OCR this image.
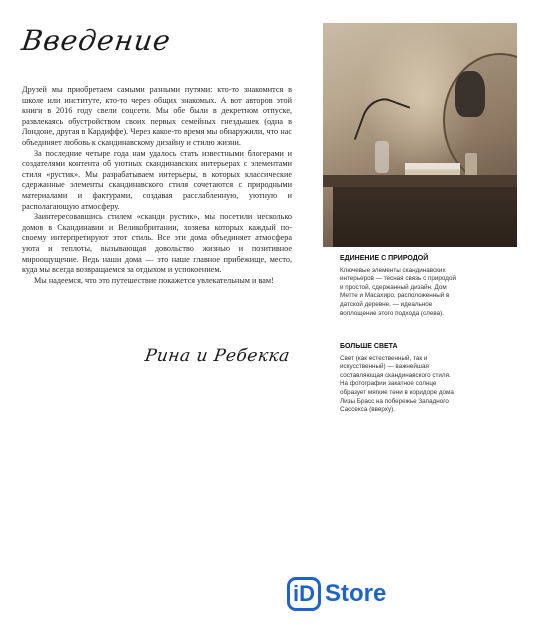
Введение

Друзей мы приобретаем самыми разными путями: кто-то знакомится в школе или институте, кто-то через общих знакомых. А вот авторов этой книги в 2016 году свели соцсети. Мы обе были в декретном отпуске, развлекаясь обустройством своих первых семейных гнездышек (одна в Лондоне, другая в Кардиффе). Через какое-то время мы обнаружили, что нас объединяет любовь к скандинавскому дизайну и стилю жизни.

За последние четыре года нам удалось стать известными блогерами и создателями контента об уютных скандинавских интерьерах с элементами стиля «рустик». Мы разрабатываем интерьеры, в которых классические сдержанные элементы скандинавского стиля сочетаются с природными материалами и фактурами, создавая расслабленную, уютную и располагающую атмосферу.

Заинтересовавшись стилем «сканди рустик», мы посетили несколько домов в Скандинавии и Великобритании, хозяева которых каждый по-своему интерпретируют этот стиль. Все эти дома объединяет атмосфера уюта и теплоты, вызывающая довольство жизнью и позитивное мироощущение. Ведь наши дома — это наше главное прибежище, место, куда мы всегда возвращаемся за отдыхом и успокоением.

Мы надеемся, что это путешествие покажется увлекательным и вам!

Рина и Ребекка
ЕДИНЕНИЕ С ПРИРОДОЙ
Ключевые элементы скандинавских интерьеров — тесная связь с природой и простой, сдержанный дизайн. Дом Метте и Масахиро, расположенный в датской деревне, — идеальное воплощение этого подхода (слева).
БОЛЬШЕ СВЕТА
Свет (как естественный, так и искусственный) — важнейшая составляющая скандинавского стиля. На фотографии закатное солнце образует мягкие тени в коридоре дома Лизы Брасс на побережье Западного Сассекса (вверху).
iD Store
